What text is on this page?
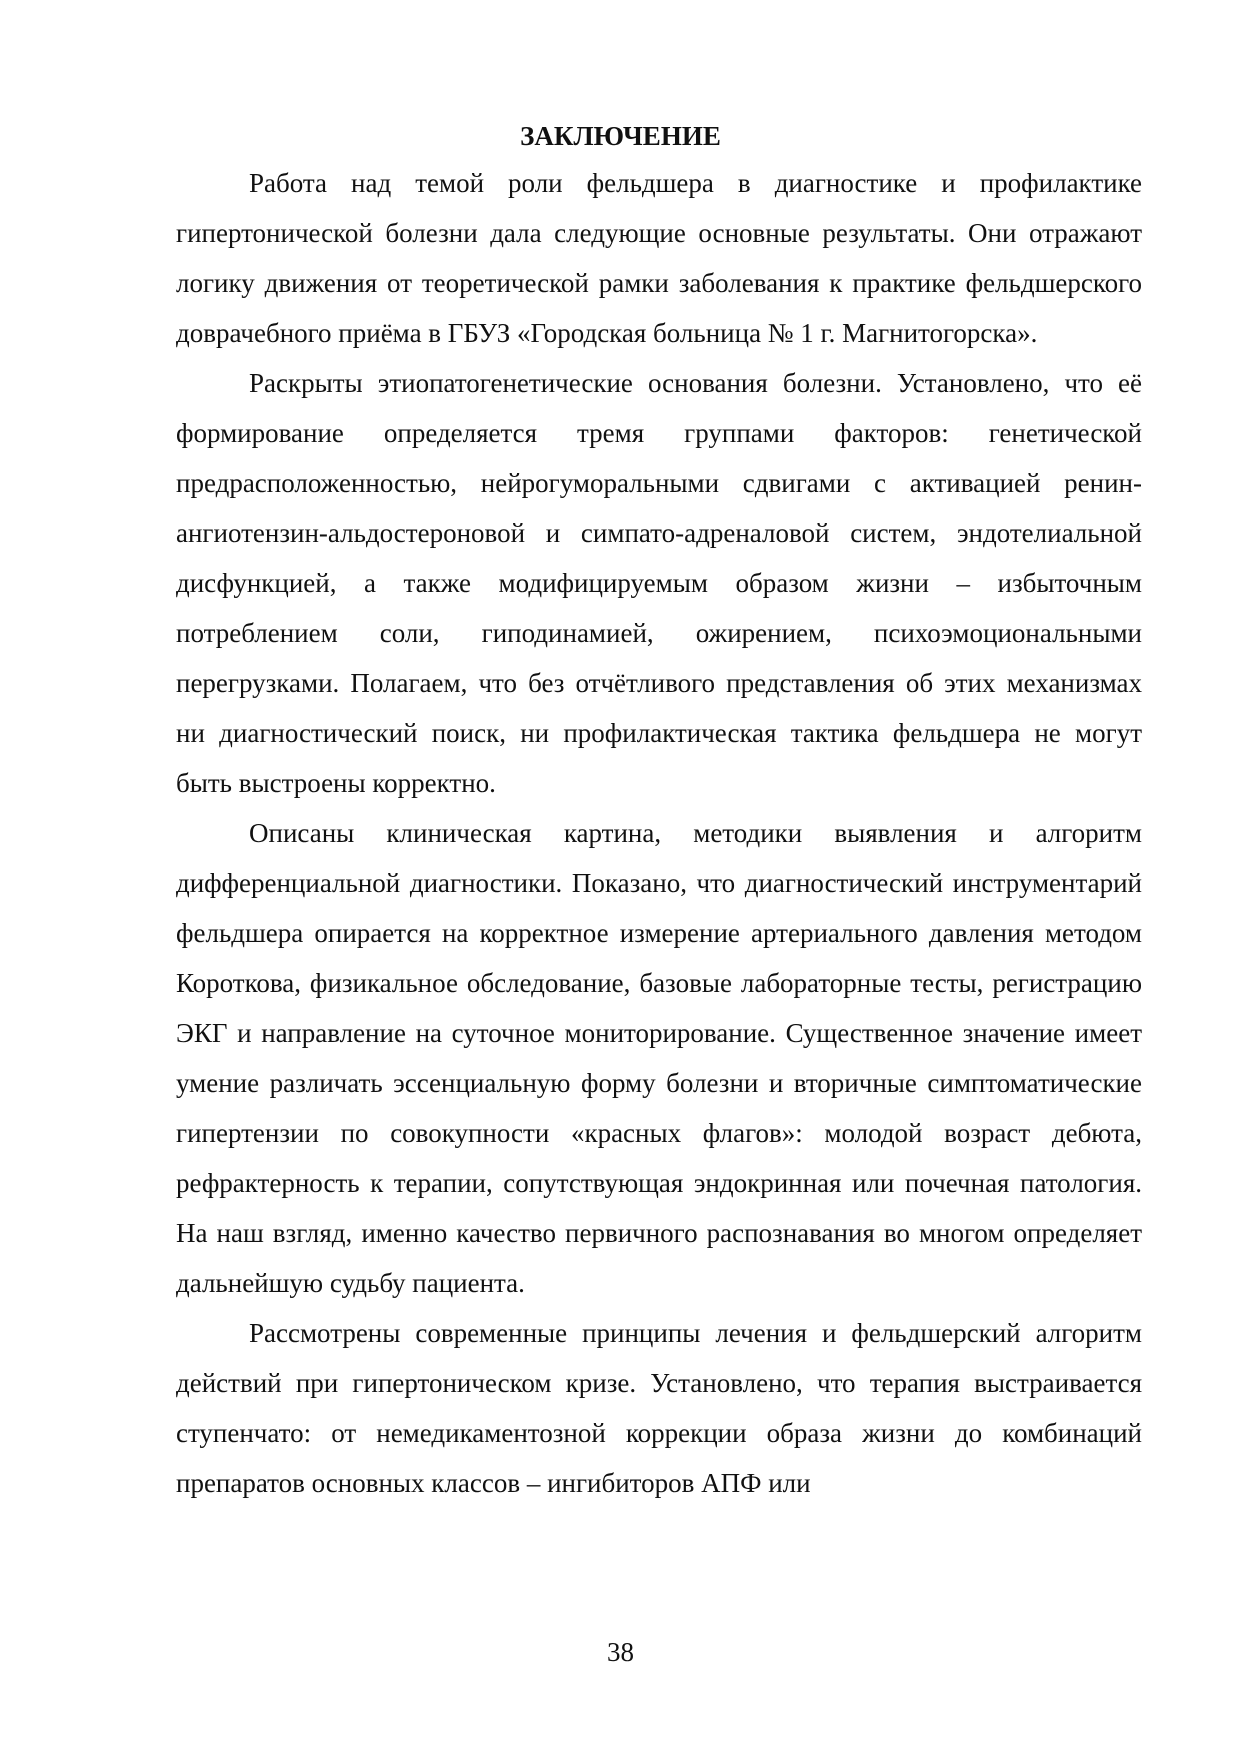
ЗАКЛЮЧЕНИЕ

Работа над темой роли фельдшера в диагностике и профилактике гипертонической болезни дала следующие основные результаты. Они отражают логику движения от теоретической рамки заболевания к практике фельдшерского доврачебного приёма в ГБУЗ «Городская больница № 1 г. Магнитогорска».

Раскрыты этиопатогенетические основания болезни. Установлено, что её формирование определяется тремя группами факторов: генетической предрасположенностью, нейрогуморальными сдвигами с активацией ренин-ангиотензин-альдостероновой и симпато-адреналовой систем, эндотелиальной дисфункцией, а также модифицируемым образом жизни – избыточным потреблением соли, гиподинамией, ожирением, психоэмоциональными перегрузками. Полагаем, что без отчётливого представления об этих механизмах ни диагностический поиск, ни профилактическая тактика фельдшера не могут быть выстроены корректно.

Описаны клиническая картина, методики выявления и алгоритм дифференциальной диагностики. Показано, что диагностический инструментарий фельдшера опирается на корректное измерение артериального давления методом Короткова, физикальное обследование, базовые лабораторные тесты, регистрацию ЭКГ и направление на суточное мониторирование. Существенное значение имеет умение различать эссенциальную форму болезни и вторичные симптоматические гипертензии по совокупности «красных флагов»: молодой возраст дебюта, рефрактерность к терапии, сопутствующая эндокринная или почечная патология. На наш взгляд, именно качество первичного распознавания во многом определяет дальнейшую судьбу пациента.

Рассмотрены современные принципы лечения и фельдшерский алгоритм действий при гипертоническом кризе. Установлено, что терапия выстраивается ступенчато: от немедикаментозной коррекции образа жизни до комбинаций препаратов основных классов – ингибиторов АПФ или

38
